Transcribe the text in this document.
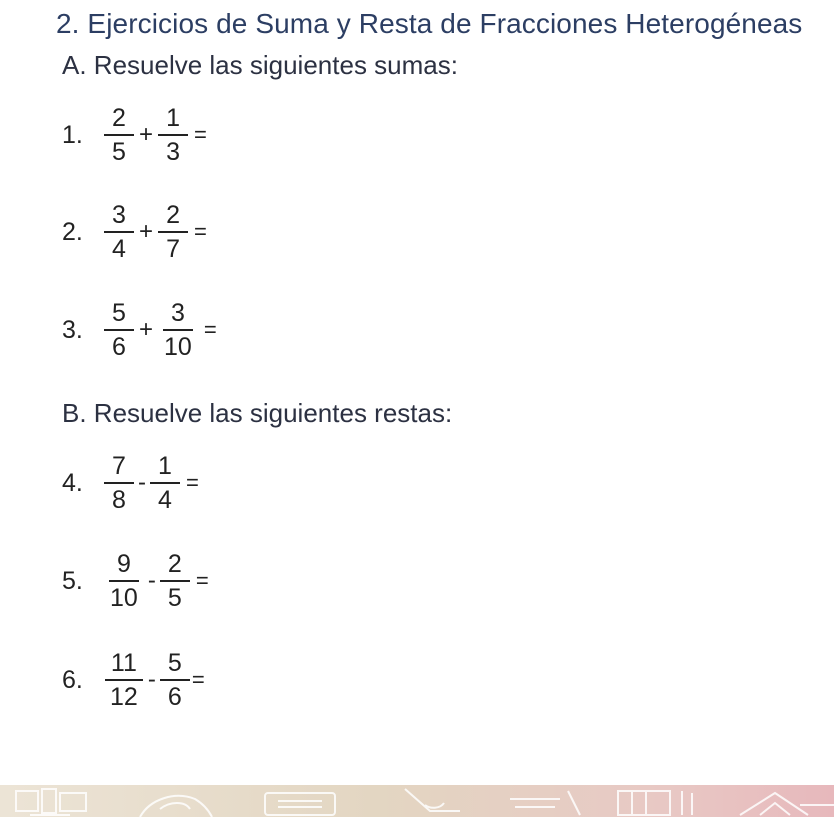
2. Ejercicios de Suma y Resta de Fracciones Heterogéneas
A. Resuelve las siguientes sumas:
1. $\frac{2}{5} + \frac{1}{3}$ =
2. $\frac{3}{4} + \frac{2}{7}$ =
3. $\frac{5}{6} + \frac{3}{10}$ =
B. Resuelve las siguientes restas:
4. $\frac{7}{8} - \frac{1}{4}$ =
5. $\frac{9}{10} - \frac{2}{5}$ =
6. $\frac{11}{12} - \frac{5}{6}$ =
